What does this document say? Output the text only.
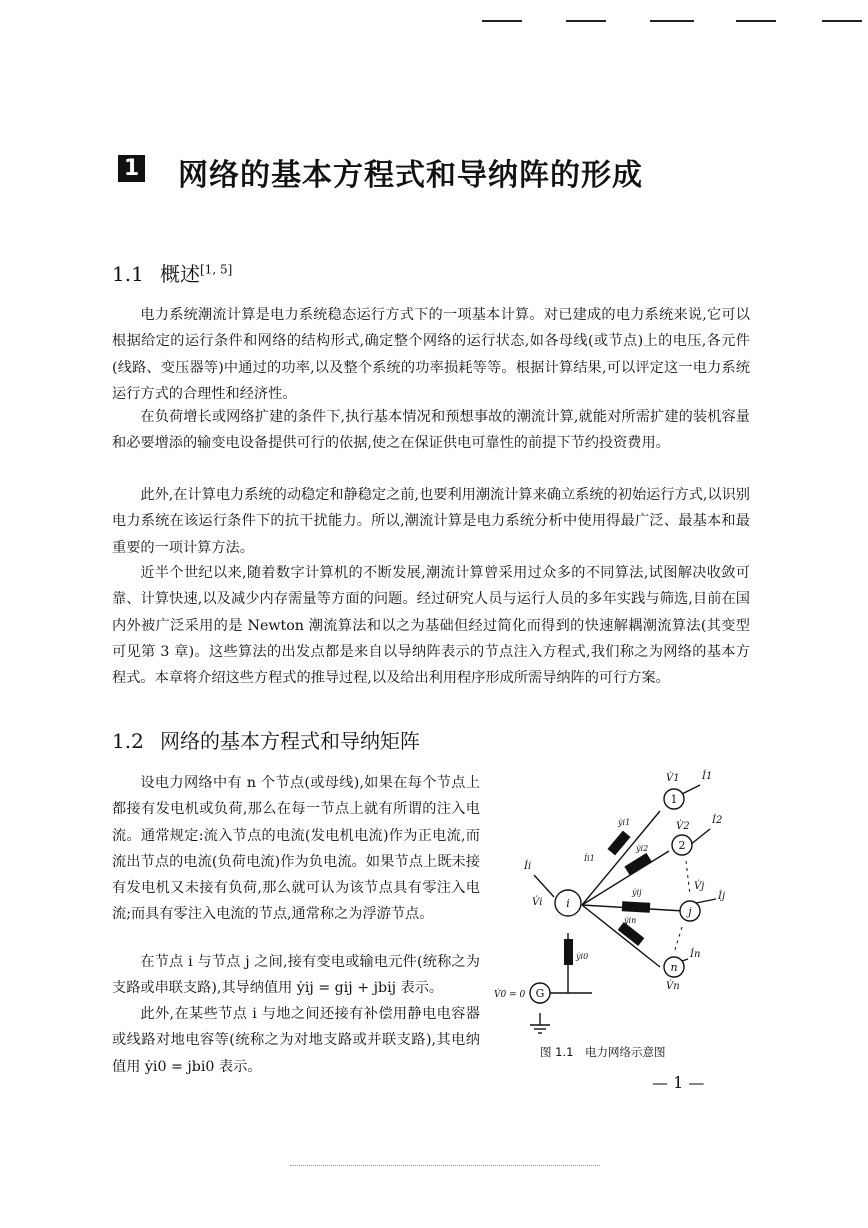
1 网络的基本方程式和导纳阵的形成
1.1 概述[1, 5]

电力系统潮流计算是电力系统稳态运行方式下的一项基本计算。对已建成的电力系统来说,它可以根据给定的运行条件和网络的结构形式,确定整个网络的运行状态,如各母线(或节点)上的电压,各元件(线路、变压器等)中通过的功率,以及整个系统的功率损耗等等。根据计算结果,可以评定这一电力系统运行方式的合理性和经济性。

在负荷增长或网络扩建的条件下,执行基本情况和预想事故的潮流计算,就能对所需扩建的装机容量和必要增添的输变电设备提供可行的依据,使之在保证供电可靠性的前提下节约投资费用。

此外,在计算电力系统的动稳定和静稳定之前,也要利用潮流计算来确立系统的初始运行方式,以识别电力系统在该运行条件下的抗干扰能力。所以,潮流计算是电力系统分析中使用得最广泛、最基本和最重要的一项计算方法。

近半个世纪以来,随着数字计算机的不断发展,潮流计算曾采用过众多的不同算法,试图解决收敛可靠、计算快速,以及减少内存需量等方面的问题。经过研究人员与运行人员的多年实践与筛选,目前在国内外被广泛采用的是 Newton 潮流算法和以之为基础但经过简化而得到的快速解耦潮流算法(其变型可见第 3 章)。这些算法的出发点都是来自以导纳阵表示的节点注入方程式,我们称之为网络的基本方程式。本章将介绍这些方程式的推导过程,以及给出利用程序形成所需导纳阵的可行方案。

1.2 网络的基本方程式和导纳矩阵

设电力网络中有 n 个节点(或母线),如果在每个节点上都接有发电机或负荷,那么在每一节点上就有所谓的注入电流。通常规定:流入节点的电流(发电机电流)作为正电流,而流出节点的电流(负荷电流)作为负电流。如果节点上既未接有发电机又未接有负荷,那么就可认为该节点具有零注入电流;而具有零注入电流的节点,通常称之为浮游节点。

在节点 i 与节点 j 之间,接有变电或输电元件(统称之为支路或串联支路),其导纳值用 ẏij = gij + jbij 表示。

此外,在某些节点 i 与地之间还接有补偿用静电电容器或线路对地电容等(统称之为对地支路或并联支路),其电纳值用 ẏi0 = jbi0 表示。

1
2
j
n
i
G
V̇1 İ1
V̇2
İ2
V̇j
İj
V̇n
İn
İi
V̇i
ẏi1
ẏi2
ẏij
ẏin
ẏi0
İi1
V̇0 = 0
图 1.1　电力网络示意图
— 1 —
